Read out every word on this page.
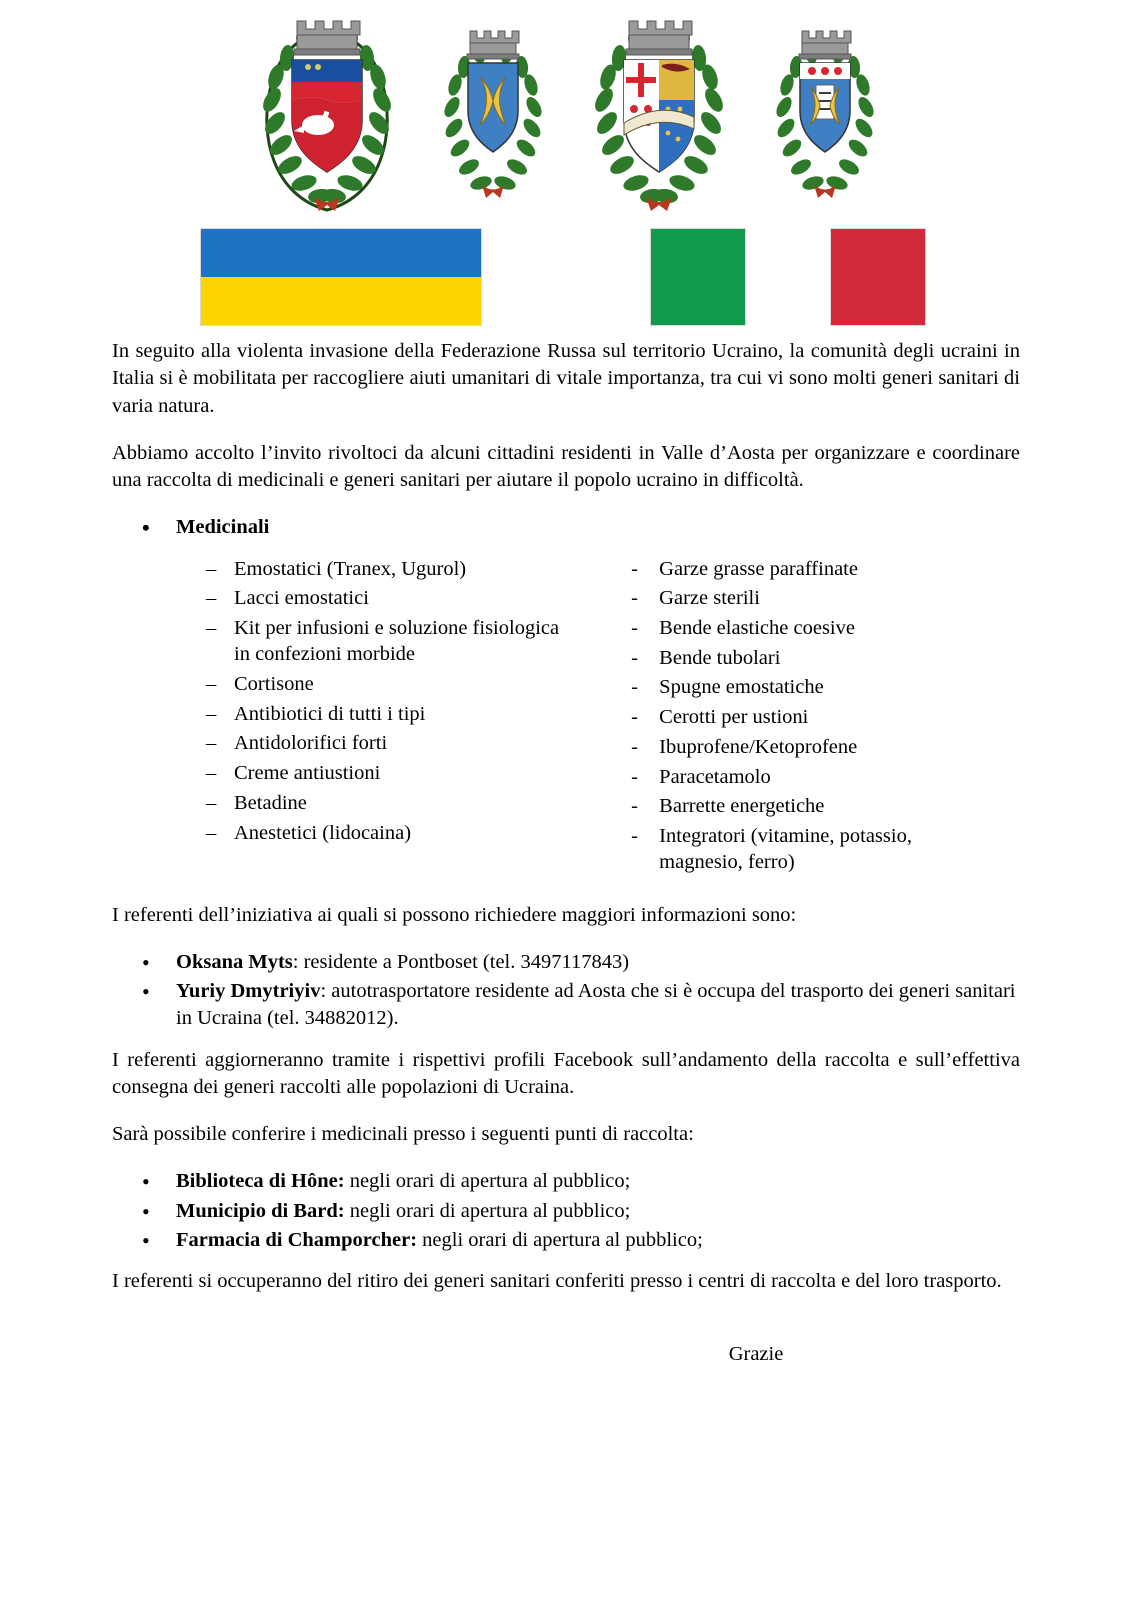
In seguito alla violenta invasione della Federazione Russa sul territorio Ucraino, la comunità degli ucraini in Italia si è mobilitata per raccogliere aiuti umanitari di vitale importanza, tra cui vi sono molti generi sanitari di varia natura.

Abbiamo accolto l’invito rivoltoci da alcuni cittadini residenti in Valle d’Aosta per organizzare e coordinare una raccolta di medicinali e generi sanitari per aiutare il popolo ucraino in difficoltà.

• Medicinali
– Emostatici (Tranex, Ugurol)
– Lacci emostatici
– Kit per infusioni e soluzione fisiologica
in confezioni morbide
– Cortisone
– Antibiotici di tutti i tipi
– Antidolorifici forti
– Creme antiustioni
– Betadine
– Anestetici (lidocaina)
- Garze grasse paraffinate
- Garze sterili
- Bende elastiche coesive
- Bende tubolari
- Spugne emostatiche
- Cerotti per ustioni
- Ibuprofene/Ketoprofene
- Paracetamolo
- Barrette energetiche
- Integratori (vitamine, potassio,
magnesio, ferro)

I referenti dell’iniziativa ai quali si possono richiedere maggiori informazioni sono:

• Oksana Myts: residente a Pontboset (tel. 3497117843)
• Yuriy Dmytriyiv: autotrasportatore residente ad Aosta che si è occupa del trasporto dei generi sanitari in Ucraina (tel. 34882012).

I referenti aggiorneranno tramite i rispettivi profili Facebook sull’andamento della raccolta e sull’effettiva consegna dei generi raccolti alle popolazioni di Ucraina.

Sarà possibile conferire i medicinali presso i seguenti punti di raccolta:

• Biblioteca di Hône: negli orari di apertura al pubblico;
• Municipio di Bard: negli orari di apertura al pubblico;
• Farmacia di Champorcher: negli orari di apertura al pubblico;

I referenti si occuperanno del ritiro dei generi sanitari conferiti presso i centri di raccolta e del loro trasporto.

Grazie
